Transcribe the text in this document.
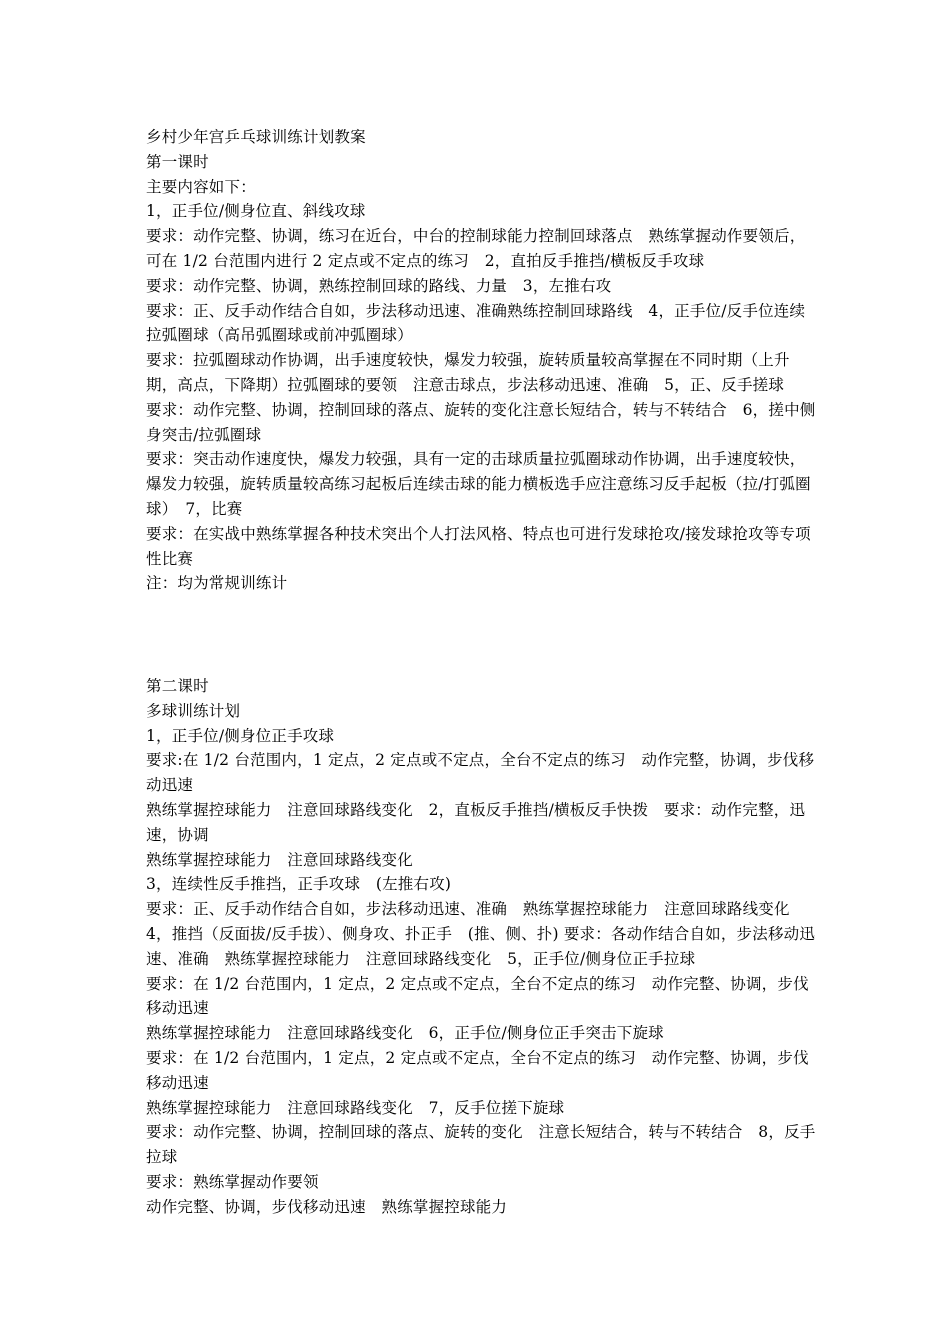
乡村少年宫乒乓球训练计划教案

第一课时

主要内容如下：

1，正手位/侧身位直、斜线攻球

要求：动作完整、协调，练习在近台，中台的控制球能力控制回球落点　熟练掌握动作要领后，可在 1/2 台范围内进行 2 定点或不定点的练习　2，直拍反手推挡/横板反手攻球

要求：动作完整、协调，熟练控制回球的路线、力量　3，左推右攻

要求：正、反手动作结合自如，步法移动迅速、准确熟练控制回球路线　4，正手位/反手位连续拉弧圈球（高吊弧圈球或前冲弧圈球）

要求：拉弧圈球动作协调，出手速度较快，爆发力较强，旋转质量较高掌握在不同时期（上升期，高点，下降期）拉弧圈球的要领　注意击球点，步法移动迅速、准确　5，正、反手搓球

要求：动作完整、协调，控制回球的落点、旋转的变化注意长短结合，转与不转结合　6，搓中侧身突击/拉弧圈球

要求：突击动作速度快，爆发力较强，具有一定的击球质量拉弧圈球动作协调，出手速度较快，爆发力较强，旋转质量较高练习起板后连续击球的能力横板选手应注意练习反手起板（拉/打弧圈球）　7，比赛

要求：在实战中熟练掌握各种技术突出个人打法风格、特点也可进行发球抢攻/接发球抢攻等专项性比赛

注：均为常规训练计

第二课时

多球训练计划

1，正手位/侧身位正手攻球

要求:在 1/2 台范围内，1 定点，2 定点或不定点，全台不定点的练习　动作完整，协调，步伐移动迅速

熟练掌握控球能力　注意回球路线变化　2，直板反手推挡/横板反手快拨　要求：动作完整，迅速，协调

熟练掌握控球能力　注意回球路线变化

3，连续性反手推挡，正手攻球　(左推右攻)

要求：正、反手动作结合自如，步法移动迅速、准确　熟练掌握控球能力　注意回球路线变化

4，推挡（反面拔/反手拔）、侧身攻、扑正手　(推、侧、扑) 要求：各动作结合自如，步法移动迅速、准确　熟练掌握控球能力　注意回球路线变化　5，正手位/侧身位正手拉球

要求：在 1/2 台范围内，1 定点，2 定点或不定点，全台不定点的练习　动作完整、协调，步伐移动迅速

熟练掌握控球能力　注意回球路线变化　6，正手位/侧身位正手突击下旋球

要求：在 1/2 台范围内，1 定点，2 定点或不定点，全台不定点的练习　动作完整、协调，步伐移动迅速

熟练掌握控球能力　注意回球路线变化　7，反手位搓下旋球

要求：动作完整、协调，控制回球的落点、旋转的变化　注意长短结合，转与不转结合　8，反手拉球

要求：熟练掌握动作要领

动作完整、协调，步伐移动迅速　熟练掌握控球能力
